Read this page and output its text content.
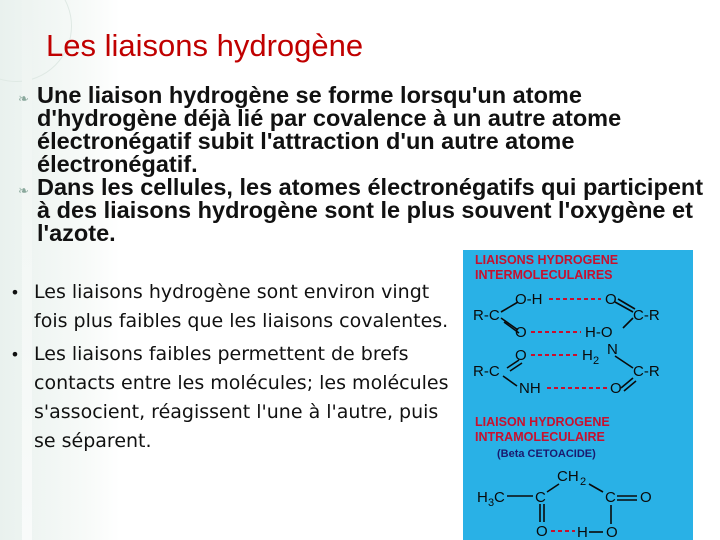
Les liaisons hydrogène
❧ Une liaison hydrogène se forme lorsqu'un atome d'hydrogène déjà lié par covalence à un autre atome électronégatif subit l'attraction d'un autre atome électronégatif.
❧ Dans les cellules, les atomes électronégatifs qui participent à des liaisons hydrogène sont le plus souvent l'oxygène et l'azote.
• Les liaisons hydrogène sont environ vingt fois plus faibles que les liaisons covalentes.
• Les liaisons faibles permettent de brefs contacts entre les molécules; les molécules s'associent, réagissent l'une à l'autre, puis se séparent.
LIAISONS HYDROGENE
INTERMOLECULAIRES
O-H	O
R-C	C-R
O	H-O
O	H 2
N
R-C	C-R
NH	O
LIAISON HYDROGENE
INTRAMOLECULAIRE
(Beta CETOACIDE)
CH 2
H 3 C C	C O
O	O
H
